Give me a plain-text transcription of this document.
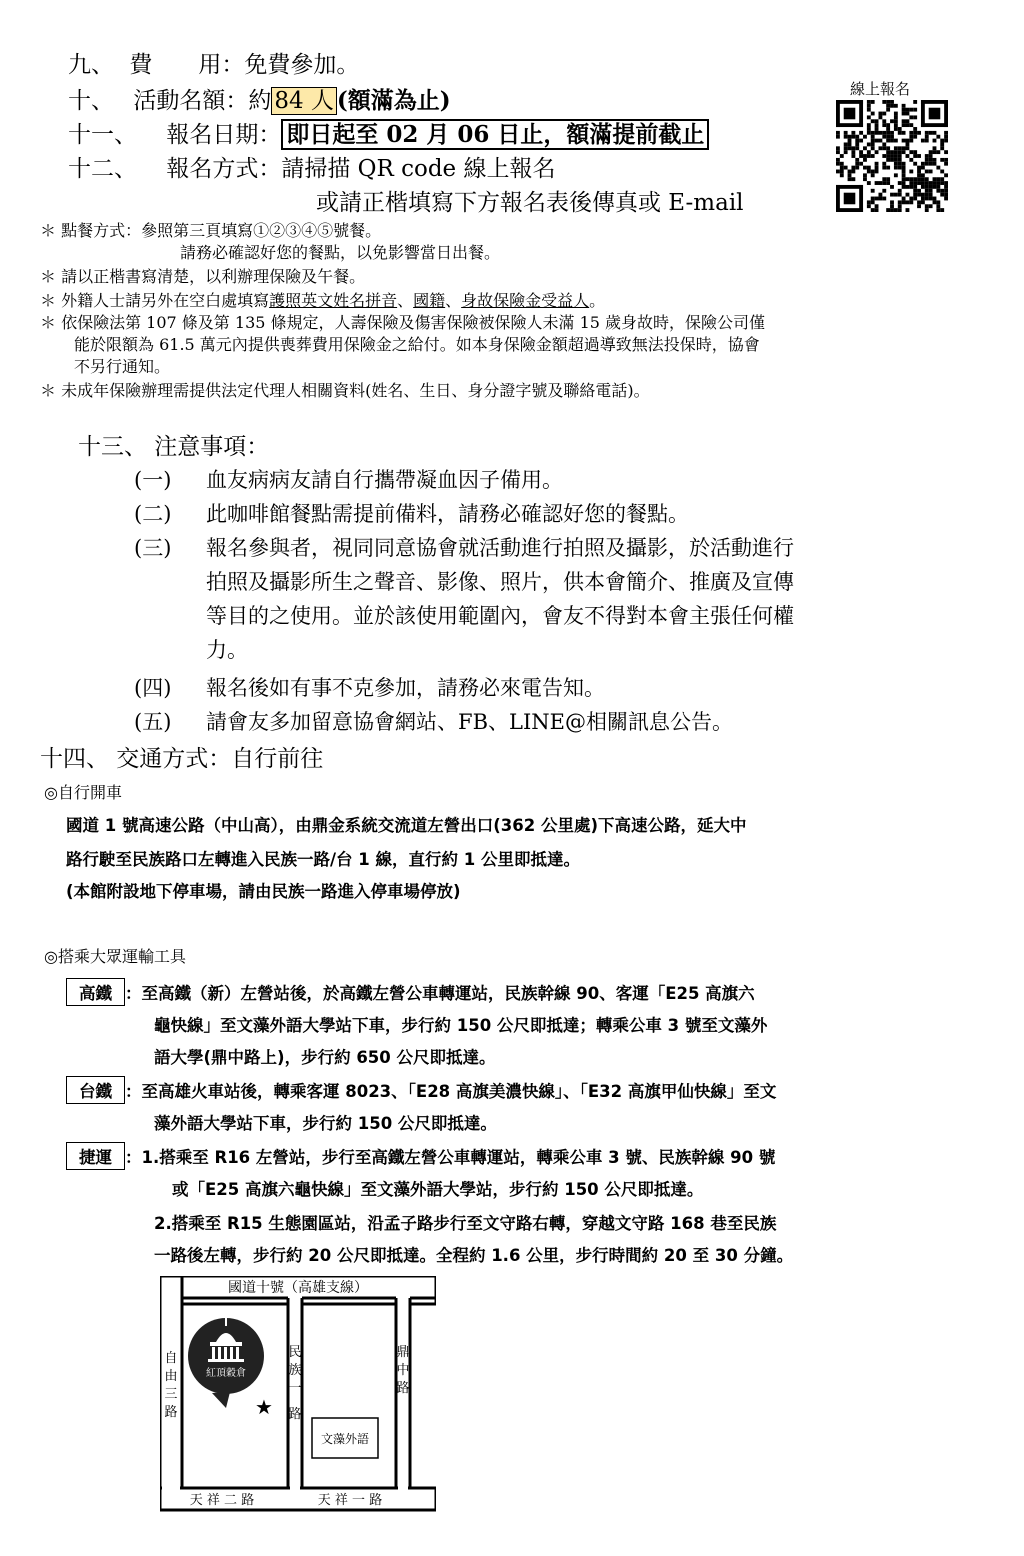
九、 費　　用：免費參加。
十、 活動名額：約 84 人 (額滿為止)
十一、 報名日期： 即日起至 02 月 06 日止，額滿提前截止
十二、 報名方式：請掃描 QR code 線上報名
或請正楷填寫下方報名表後傳真或 E-mail
線上報名
＊ 點餐方式：參照第三頁填寫①②③④⑤號餐。
請務必確認好您的餐點，以免影響當日出餐。
＊ 請以正楷書寫清楚，以利辦理保險及午餐。
＊ 外籍人士請另外在空白處填寫護照英文姓名拼音、國籍、身故保險金受益人。
＊ 依保險法第 107 條及第 135 條規定，人壽保險及傷害保險被保險人未滿 15 歲身故時，保險公司僅
能於限額為 61.5 萬元內提供喪葬費用保險金之給付。如本身保險金額超過導致無法投保時，協會
不另行通知。
＊ 未成年保險辦理需提供法定代理人相關資料(姓名、生日、身分證字號及聯絡電話)。
十三、 注意事項：
(一) 血友病病友請自行攜帶凝血因子備用。
(二) 此咖啡館餐點需提前備料，請務必確認好您的餐點。
(三) 報名參與者，視同同意協會就活動進行拍照及攝影，於活動進行
拍照及攝影所生之聲音、影像、照片，供本會簡介、推廣及宣傳
等目的之使用。並於該使用範圍內，會友不得對本會主張任何權
力。
(四) 報名後如有事不克參加，請務必來電告知。
(五) 請會友多加留意協會網站、FB、LINE@相關訊息公告。
十四、 交通方式：自行前往
◎自行開車
國道 1 號高速公路（中山高），由鼎金系統交流道左營出口(362 公里處)下高速公路，延大中
路行駛至民族路口左轉進入民族一路/台 1 線，直行約 1 公里即抵達。
(本館附設地下停車場，請由民族一路進入停車場停放)
◎搭乘大眾運輸工具
高鐵 ：至高鐵（新）左營站後，於高鐵左營公車轉運站，民族幹線 90、客運「E25 高旗六
龜快線」至文藻外語大學站下車，步行約 150 公尺即抵達；轉乘公車 3 號至文藻外
語大學(鼎中路上)，步行約 650 公尺即抵達。
台鐵 ：至高雄火車站後，轉乘客運 8023、「E28 高旗美濃快線」、「E32 高旗甲仙快線」至文
藻外語大學站下車，步行約 150 公尺即抵達。
捷運 ：1.搭乘至 R16 左營站，步行至高鐵左營公車轉運站，轉乘公車 3 號、民族幹線 90 號
或「E25 高旗六龜快線」至文藻外語大學站，步行約 150 公尺即抵達。
2.搭乘至 R15 生態園區站，沿孟子路步行至文守路右轉，穿越文守路 168 巷至民族
一路後左轉，步行約 20 公尺即抵達。全程約 1.6 公里，步行時間約 20 至 30 分鐘。
國道十號（高雄支線）
自
由
三
路
民
族
一
路
鼎
中
路
天 祥 二 路	天 祥 一 路
紅頂穀倉
★
文藻外語
